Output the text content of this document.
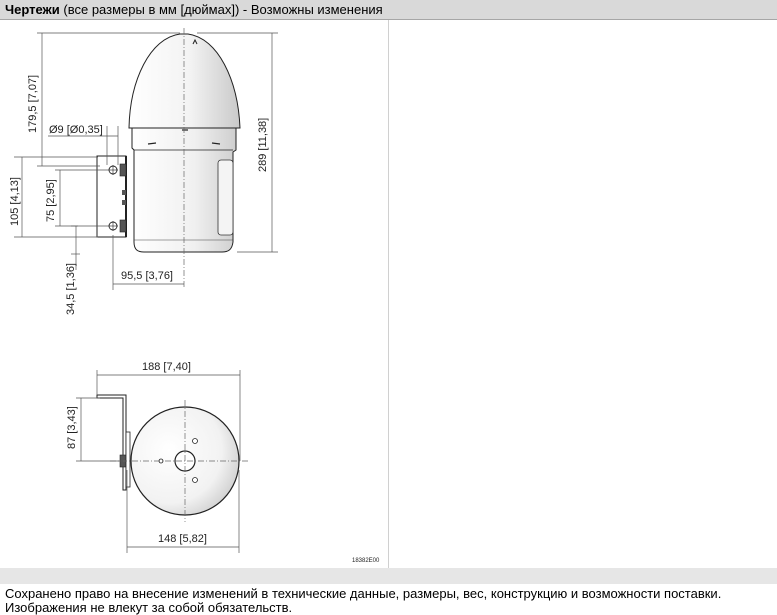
Чертежи (все размеры в мм [дюймах]) - Возможны изменения
179,5 [7,07] Ø9 [Ø0,35]	289 [11,38]
105 [4,13] 75 [2,95]
34,5 [1,36]	95,5 [3,76]
188 [7,40]
87 [3,43]
148 [5,82]
18382E00
Сохранено право на внесение изменений в технические данные, размеры, вес, конструкцию и возможности поставки.
Изображения не влекут за собой обязательств.
